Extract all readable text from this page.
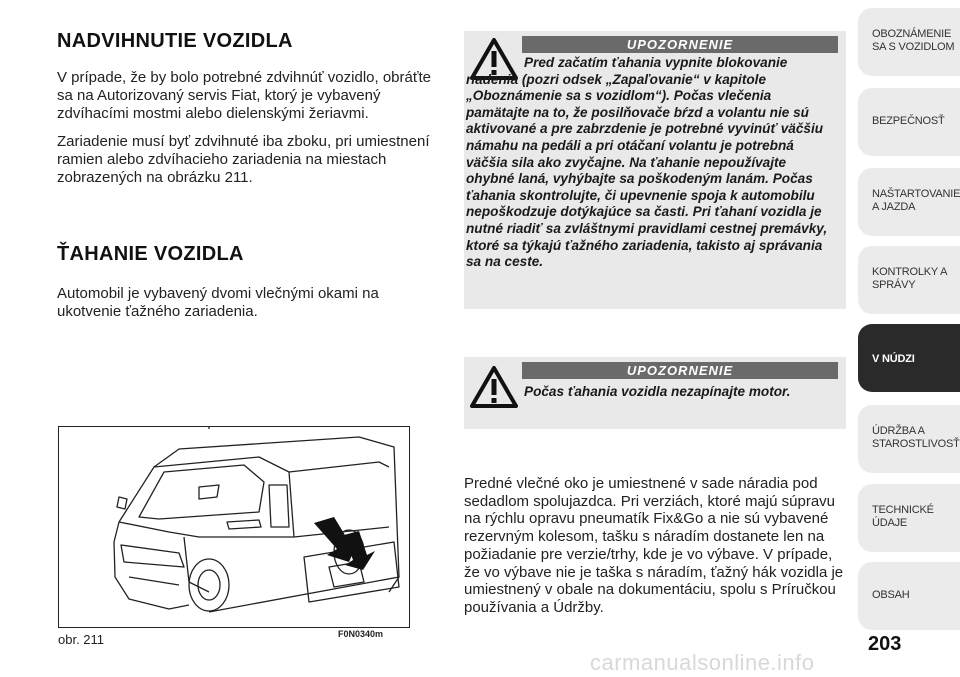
NADVIHNUTIE VOZIDLA
V prípade, že by bolo potrebné zdvihnúť vozidlo, obráťte sa na Autorizovaný servis Fiat, ktorý je vybavený zdvíhacími mostmi alebo dielenskými žeriavmi.
Zariadenie musí byť zdvihnuté iba zboku, pri umiestnení ramien alebo zdvíhacieho zariadenia na miestach zobrazených na obrázku 211.
ŤAHANIE VOZIDLA
Automobil je vybavený dvomi vlečnými okami na ukotvenie ťažného zariadenia.
UPOZORNENIE
Pred začatím ťahania vypnite blokovanie riadenia (pozri odsek „Zapaľovanie“ v kapitole „Oboznámenie sa s vozidlom“). Počas vlečenia pamätajte na to, že posilňovače bŕzd a volantu nie sú aktivované a pre zabrzdenie je potrebné vyvinúť väčšiu námahu na pedáli a pri otáčaní volantu je potrebná väčšia sila ako zvyčajne. Na ťahanie nepoužívajte ohybné laná, vyhýbajte sa poškodeným lanám. Počas ťahania skontrolujte, či upevnenie spoja k automobilu nepoškodzuje dotýkajúce sa časti. Pri ťahaní vozidla je nutné riadiť sa zvláštnymi pravidlami cestnej premávky, ktoré sa týkajú ťažného zariadenia, takisto aj správania sa na ceste.
UPOZORNENIE
Počas ťahania vozidla nezapínajte motor.
obr. 211	F0N0340m
Predné vlečné oko je umiestnené v sade náradia pod sedadlom spolujazdca. Pri verziách, ktoré majú súpravu na rýchlu opravu pneumatík Fix&Go a nie sú vybavené rezervným kolesom, tašku s náradím dostanete len na požiadanie pre verzie/trhy, kde je vo výbave. V prípade, že vo výbave nie je taška s náradím, ťažný hák vozidla je umiestnený v obale na dokumentáciu, spolu s Príručkou používania a Údržby.
OBOZNÁMENIE SA S VOZIDLOM
BEZPEČNOSŤ
NAŠTARTOVANIE A JAZDA
KONTROLKY A SPRÁVY
V NÚDZI
ÚDRŽBA A STAROSTLIVOSŤ
TECHNICKÉ ÚDAJE
OBSAH
203
carmanualsonline.info
